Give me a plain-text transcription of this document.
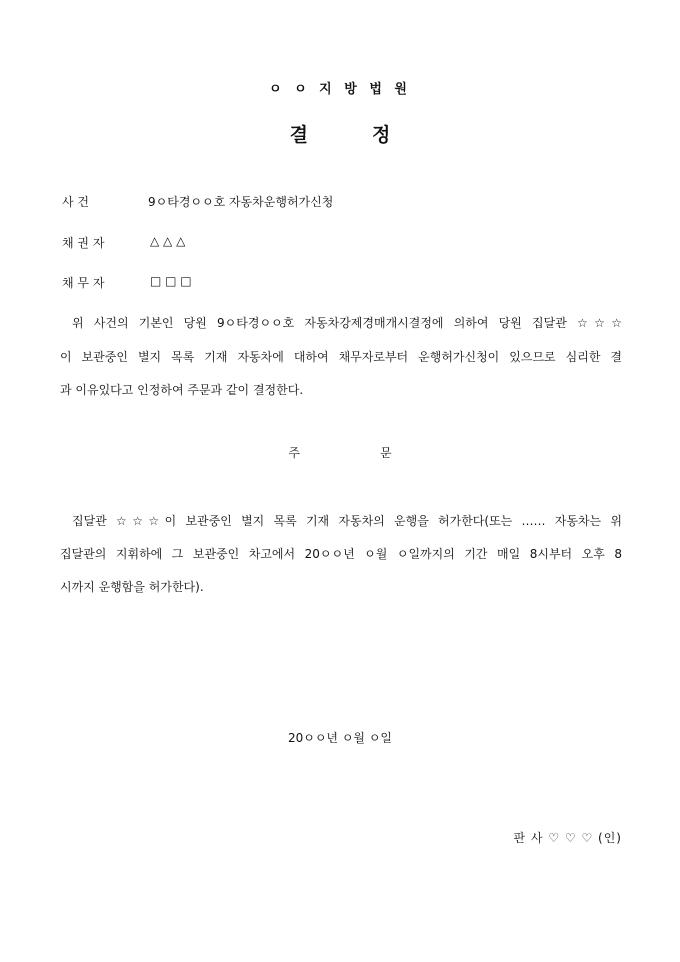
ㅇ ㅇ 지 방 법 원
결	정
사 건	9ㅇ타경ㅇㅇ호 자동차운행허가신청
채 권 자	△ △ △
채 무 자	□ □ □
위 사건의 기본인 당원 9ㅇ타경ㅇㅇ호 자동차강제경매개시결정에 의하여 당원 집달관 ☆☆☆
이 보관중인 별지 목록 기재 자동차에 대하여 채무자로부터 운행허가신청이 있으므로 심리한 결
과 이유있다고 인정하여 주문과 같이 결정한다.
주	문
집달관 ☆☆☆이 보관중인 별지 목록 기재 자동차의 운행을 허가한다(또는 …… 자동차는 위
집달관의 지휘하에 그 보관중인 차고에서 20ㅇㅇ년 ㅇ월 ㅇ일까지의 기간 매일 8시부터 오후 8
시까지 운행함을 허가한다).
20ㅇㅇ년 ㅇ월 ㅇ일
판 사 ♡ ♡ ♡ (인)
